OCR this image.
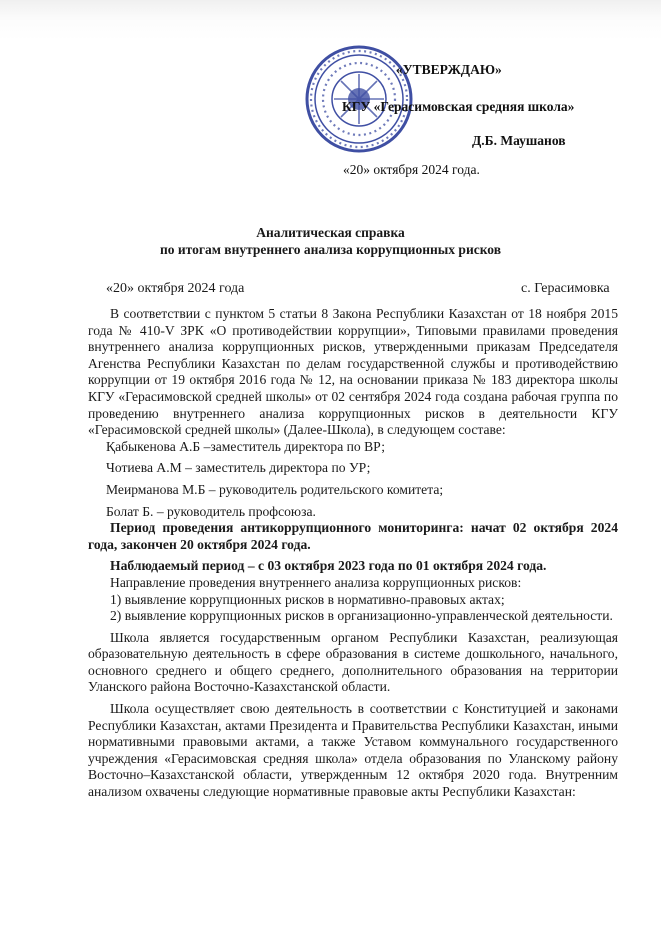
«УТВЕРЖДАЮ»
КГУ «Герасимовская средняя школа»
Д.Б. Маушанов
«20» октября 2024 года.
Аналитическая справка
по итогам внутреннего анализа коррупционных рисков
«20» октября 2024 года	с. Герасимовка

В соответствии с пунктом 5 статьи 8 Закона Республики Казахстан от 18 ноября 2015 года № 410-V ЗРК «О противодействии коррупции», Типовыми правилами проведения внутреннего анализа коррупционных рисков, утвержденными приказам Председателя Агенства Республики Казахстан по делам государственной службы и противодействию коррупции от 19 октября 2016 года № 12, на основании приказа № 183 директора школы КГУ «Герасимовской средней школы» от 02 сентября 2024 года создана рабочая группа по проведению внутреннего анализа коррупционных рисков в деятельности КГУ «Герасимовской средней школы» (Далее-Школа), в следующем составе:

Қабыкенова А.Б –заместитель директора по ВР;

Чотиева А.М – заместитель директора по УР;

Меирманова М.Б – руководитель родительского комитета;

Болат Б. – руководитель профсоюза.

Период проведения антикоррупционного мониторинга: начат 02 октября 2024 года, закончен 20 октября 2024 года.

Наблюдаемый период – с 03 октября 2023 года по 01 октября 2024 года.

Направление проведения внутреннего анализа коррупционных рисков:

1) выявление коррупционных рисков в нормативно-правовых актах;

2) выявление коррупционных рисков в организационно-управленческой деятельности.

Школа является государственным органом Республики Казахстан, реализующая образовательную деятельность в сфере образования в системе дошкольного, начального, основного среднего и общего среднего, дополнительного образования на территории Уланского района Восточно-Казахстанской области.

Школа осуществляет свою деятельность в соответствии с Конституцией и законами Республики Казахстан, актами Президента и Правительства Республики Казахстан, иными нормативными правовыми актами, а также Уставом коммунального государственного учреждения «Герасимовская средняя школа» отдела образования по Уланскому району Восточно–Казахстанской области, утвержденным 12 октября 2020 года. Внутренним анализом охвачены следующие нормативные правовые акты Республики Казахстан:
